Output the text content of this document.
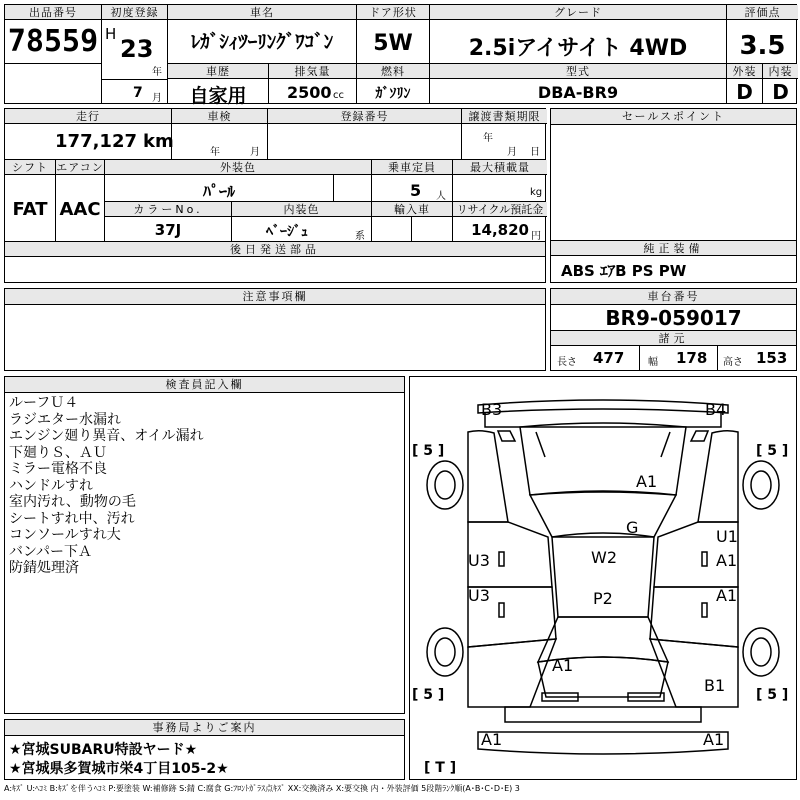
出品番号
78559
初度登録
H
23
年
7 月
車名
ﾚｶﾞｼｨﾂｰﾘﾝｸﾞﾜｺﾞﾝ
ドア形状
5W
グレード
2.5iアイサイト 4WD
評価点
3.5
車歴
自家用
排気量
2500 cc
燃料
ｶﾞｿﾘﾝ
型式
DBA-BR9
外装	内装
D D
走行
177,127 km
車検
年	月
登録番号	譲渡書類期限
年
月 日
シフト エアコン
FAT AAC
外装色
ﾊﾟｰﾙ
乗車定員
5 人
最大積載量
kg
カラーNo.
37J
内装色
ﾍﾞｰｼﾞｭ	系
輸入車	リサイクル預託金
14,820 円
後日発送部品
セールスポイント
純正装備
ABS ｴｱB PS PW
注意事項欄	車台番号
BR9-059017
諸元
長さ 477 幅 178 高さ 153
検査員記入欄
ルーフＵ４
ラジエター水漏れ
エンジン廻り異音、オイル漏れ
下廻りＳ、ＡＵ
ミラー電格不良
ハンドルすれ
室内汚れ、動物の毛
シートすれ中、汚れ
コンソールすれ大
バンパー下Ａ
防錆処理済
[ 5 ]	[ 5 ]
[ 5 ]	[ 5 ]
[ T ]
B3	B4
A1
G	U1
A1
U3	W2
U3	P2	A1
A1
B1
A1	A1
事務局よりご案内
★宮城SUBARU特設ヤード★
★宮城県多賀城市栄4丁目105-2★
A:ｷｽﾞ U:ﾍｺﾐ B:ｷｽﾞを伴うﾍｺﾐ P:要塗装 W:補修跡 S:錆 C:腐食 G:ﾌﾛﾝﾄｶﾞﾗｽ点ｷｽﾞ XX:交換済み X:要交換 内・外装評価 5段階ﾗﾝｸ順(A･B･C･D･E) 3
